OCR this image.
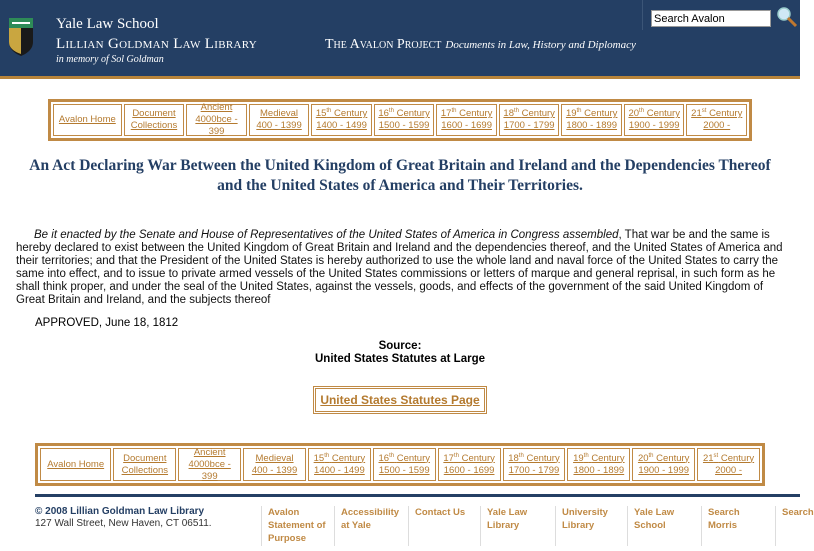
Yale Law School
Lillian Goldman Law Library
in memory of Sol Goldman
The Avalon Project Documents in Law, History and Diplomacy
Search Avalon
Avalon Home
Document
Collections
Ancient
4000bce - 399
Medieval
400 - 1399
15th Century
1400 - 1499
16th Century
1500 - 1599
17th Century
1600 - 1699
18th Century
1700 - 1799
19th Century
1800 - 1899
20th Century
1900 - 1999
21st Century
2000 -
An Act Declaring War Between the United Kingdom of Great Britain and Ireland and the Dependencies Thereof and the United States of America and Their Territories.
Be it enacted by the Senate and House of Representatives of the United States of America in Congress assembled, That war be and the same is hereby declared to exist between the United Kingdom of Great Britain and Ireland and the dependencies thereof, and the United States of America and their territories; and that the President of the United States is hereby authorized to use the whole land and naval force of the United States to carry the same into effect, and to issue to private armed vessels of the United States commissions or letters of marque and general reprisal, in such form as he shall think proper, and under the seal of the United States, against the vessels, goods, and effects of the government of the said United Kingdom of Great Britain and Ireland, and the subjects thereof
APPROVED, June 18, 1812
Source:
United States Statutes at Large
United States Statutes Page
Avalon Home
Document
Collections
Ancient
4000bce - 399
Medieval
400 - 1399
15th Century
1400 - 1499
16th Century
1500 - 1599
17th Century
1600 - 1699
18th Century
1700 - 1799
19th Century
1800 - 1899
20th Century
1900 - 1999
21st Century
2000 -
© 2008 Lillian Goldman Law Library
127 Wall Street, New Haven, CT 06511.
Avalon Statement of Purpose
Accessibility at Yale
Contact Us	Yale Law Library
University Library
Yale Law School
Search Morris
Search
